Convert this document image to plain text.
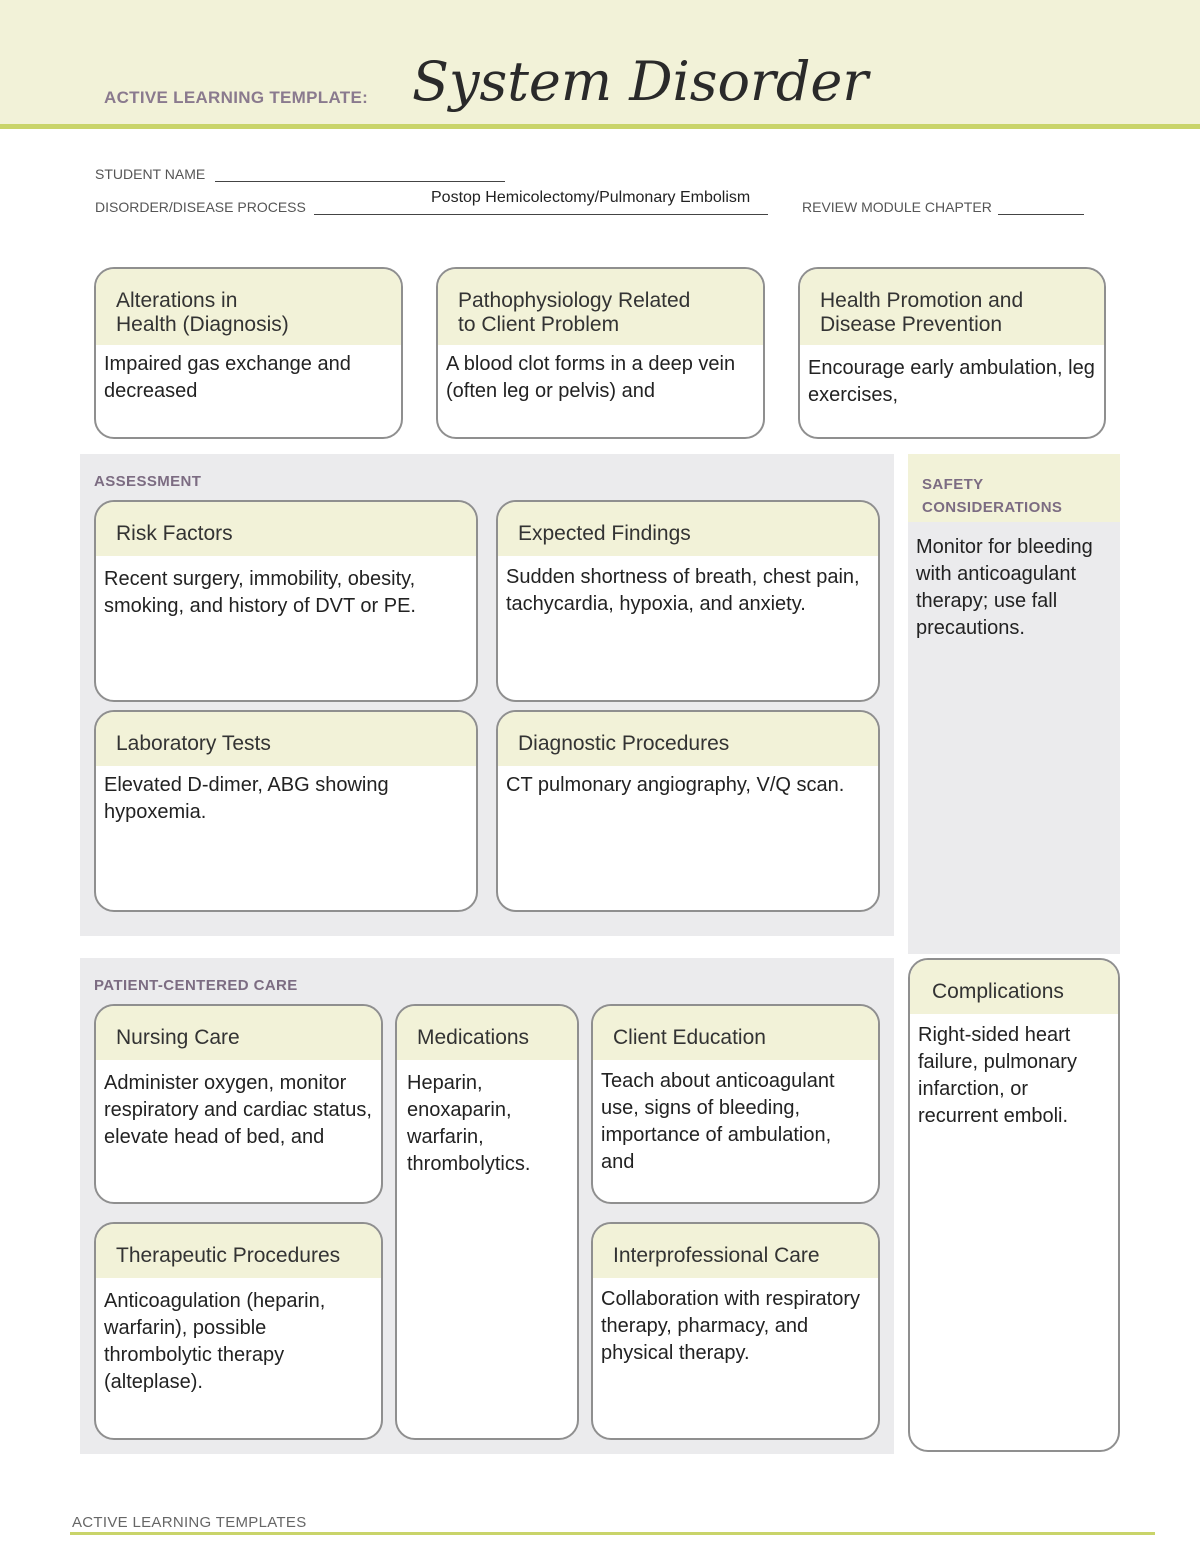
ACTIVE LEARNING TEMPLATE: System Disorder
STUDENT NAME
DISORDER/DISEASE PROCESS
Postop Hemicolectomy/Pulmonary Embolism
REVIEW MODULE CHAPTER
Alterations in
Health (Diagnosis)
Impaired gas exchange and decreased
Pathophysiology Related
to Client Problem
A blood clot forms in a deep vein (often leg or pelvis) and
Health Promotion and
Disease Prevention
Encourage early ambulation, leg exercises,
ASSESSMENT
Risk Factors
Recent surgery, immobility, obesity, smoking, and history of DVT or PE.
Expected Findings
Sudden shortness of breath, chest pain, tachycardia, hypoxia, and anxiety.
Laboratory Tests
Elevated D-dimer, ABG showing hypoxemia.
Diagnostic Procedures
CT pulmonary angiography, V/Q scan.
SAFETY
CONSIDERATIONS
Monitor for bleeding with anticoagulant therapy; use fall precautions.
PATIENT-CENTERED CARE
Nursing Care
Administer oxygen, monitor respiratory and cardiac status, elevate head of bed, and
Medications
Heparin, enoxaparin, warfarin, thrombolytics.
Client Education
Teach about anticoagulant use, signs of bleeding, importance of ambulation, and
Therapeutic Procedures
Anticoagulation (heparin, warfarin), possible thrombolytic therapy (alteplase).
Interprofessional Care
Collaboration with respiratory therapy, pharmacy, and physical therapy.
Complications
Right-sided heart failure, pulmonary infarction, or recurrent emboli.
ACTIVE LEARNING TEMPLATES
